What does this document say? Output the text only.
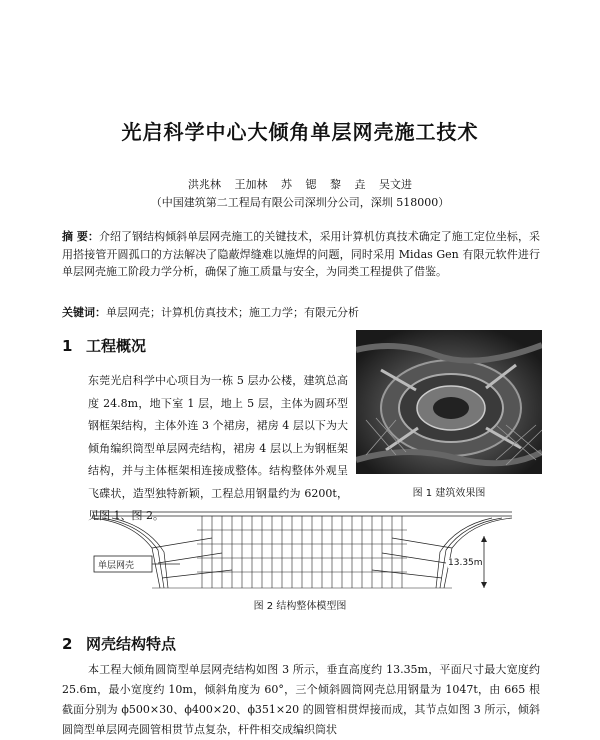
光启科学中心大倾角单层网壳施工技术
洪兆林 王加林 苏 锶 黎 垚 吴文进
（中国建筑第二工程局有限公司深圳分公司，深圳 518000）
摘 要：介绍了钢结构倾斜单层网壳施工的关键技术，采用计算机仿真技术确定了施工定位坐标，采用搭接管开圆孤口的方法解决了隐蔽焊缝难以施焊的问题，同时采用 Midas Gen 有限元软件进行单层网壳施工阶段力学分析，确保了施工质量与安全，为同类工程提供了借鉴。
关键词：单层网壳；计算机仿真技术；施工力学；有限元分析
1 工程概况

东莞光启科学中心项目为一栋 5 层办公楼，建筑总高度 24.8m，地下室 1 层，地上 5 层，主体为圆环型钢框架结构，主体外连 3 个裙房，裙房 4 层以下为大倾角编织筒型单层网壳结构，裙房 4 层以上为钢框架结构，并与主体框架相连接成整体。结构整体外观呈飞碟状，造型独特新颖，工程总用钢量约为 6200t，见图 1、图 2。

图 1 建筑效果图
单层网壳	13.35m
图 2 结构整体模型图
2 网壳结构特点
本工程大倾角圆筒型单层网壳结构如图 3 所示，垂直高度约 13.35m，平面尺寸最大宽度约 25.6m，最小宽度约 10m，倾斜角度为 60°，三个倾斜圆筒网壳总用钢量为 1047t，由 665 根截面分别为 ϕ500×30、ϕ400×20、ϕ351×20 的圆管相贯焊接而成，其节点如图 3 所示，倾斜圆筒型单层网壳圆管相贯节点复杂，杆件相交成编织筒状
